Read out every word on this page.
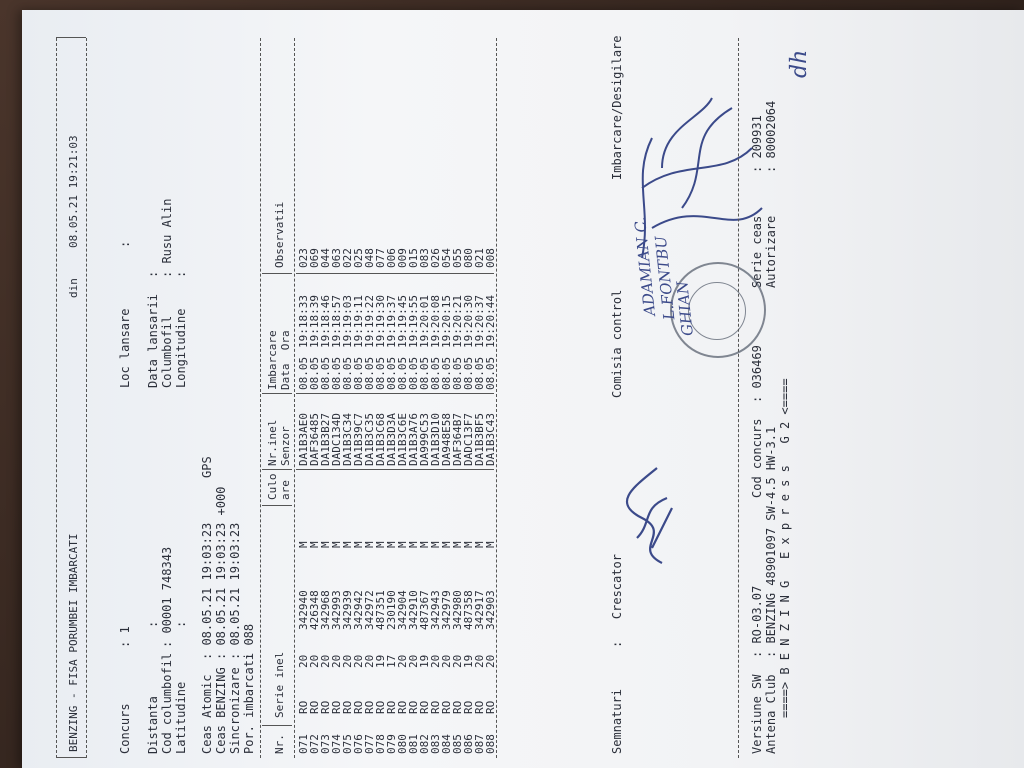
BENZING - FISA PORUMBEI IMBARCATI
din
08.05.21 19:21:03
Concurs
: 1
Loc lansare
:
Distanta
:
Cod columbofil
: 00001 748343
Latitudine
:
Data lansarii
:
Columbofil
: Rusu Alin
Longitudine
:
Ceas Atomic
: 08.05.21 19:03:23
GPS
Ceas BENZING
: 08.05.21 19:03:23 +000
Sincronizare
: 08.05.21 19:03:23
Por. imbarcati
: 088
Nr.
Serie inel
Culo are
Nr.inel Senzor
Imbarcare Data  Ora
Observatii
071
RO
20
342940
M
DA1B3AE0
08.05
19:18:33
023
072
RO
20
426348
M
DAF36485
08.05
19:18:39
069
073
RO
20
342968
M
DA1B3B27
08.05
19:18:46
044
074
RO
20
342993
M
DADC134D
08.05
19:18:57
063
075
RO
20
342939
M
DA1B3C34
08.05
19:19:03
022
076
RO
20
342942
M
DA1B39C7
08.05
19:19:11
025
077
RO
20
342972
M
DA1B3C35
08.05
19:19:22
048
078
RO
19
487351
M
DA1B3C68
08.05
19:19:30
077
079
RO
17
230190
M
DA1B3D3A
08.05
19:19:37
006
080
RO
20
342904
M
DA1B3C6E
08.05
19:19:45
009
081
RO
20
342910
M
DA1B3A76
08.05
19:19:55
015
082
RO
19
487367
M
DA999C53
08.05
19:20:01
083
083
RO
20
342943
M
DA1B3D10
08.05
19:20:08
026
084
RO
20
342979
M
DA948E58
08.05
19:20:15
054
085
RO
20
342980
M
DAF364B7
08.05
19:20:21
055
086
RO
19
487358
M
DADC13F7
08.05
19:20:30
080
087
RO
20
342917
M
DA1B3BF5
08.05
19:20:37
021
088
RO
20
342903
M
DA1B3C43
08.05
19:20:44
008
Semnaturi
:   Crescator
Comisia control
Imbarcare/Desigilare
ADAMIAN C.
L.FONTBU
GHIAN
Versiune SW
: RO-03.07
Cod concurs
: 036469
Serie ceas
: 209931
Antena Club
: BENZING 48901097 SW-4.5 HW-3.1
Autorizare
: 80002064
====> B E N Z I N G   E x p r e s s   G 2 <====
dh
